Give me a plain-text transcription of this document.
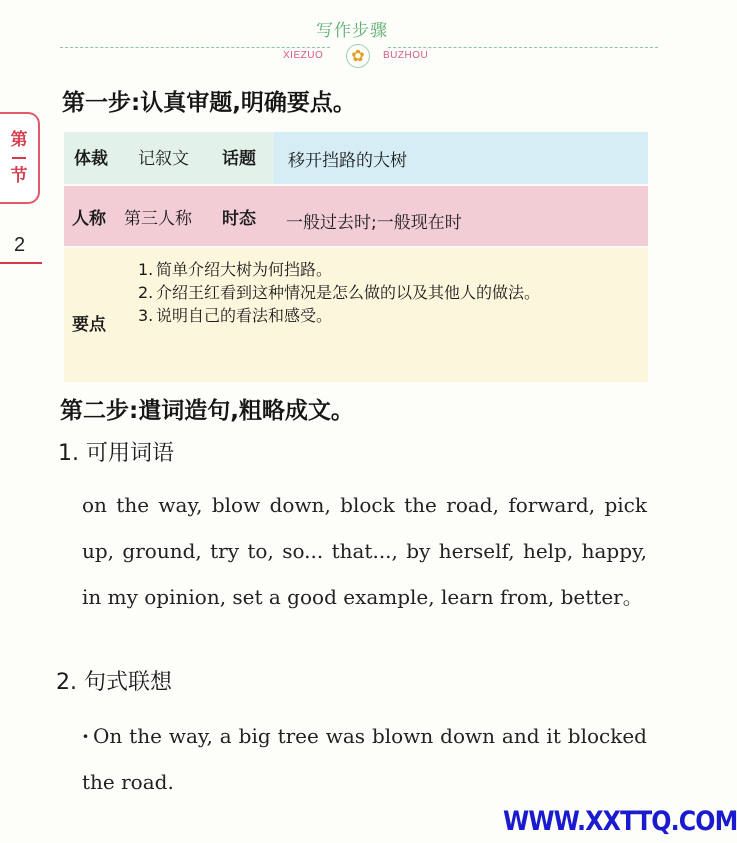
写作步骤
XIEZUO	✿	BUZHOU
第
节
2
第一步:认真审题,明确要点。
体裁 记叙文 话题 移开挡路的大树
人称 第三人称 时态 一般过去时;一般现在时
要点

1. 简单介绍大树为何挡路。

2. 介绍王红看到这种情况是怎么做的以及其他人的做法。

3. 说明自己的看法和感受。

第二步:遣词造句,粗略成文。
1. 可用词语
on the way, blow down, block the road, forward, pick up, ground, try to, so... that..., by herself, help, happy, in my opinion, set a good example, learn from, better。
2. 句式联想
· On the way, a big tree was blown down and it blocked the road.
WWW.XXTTQ.COM
